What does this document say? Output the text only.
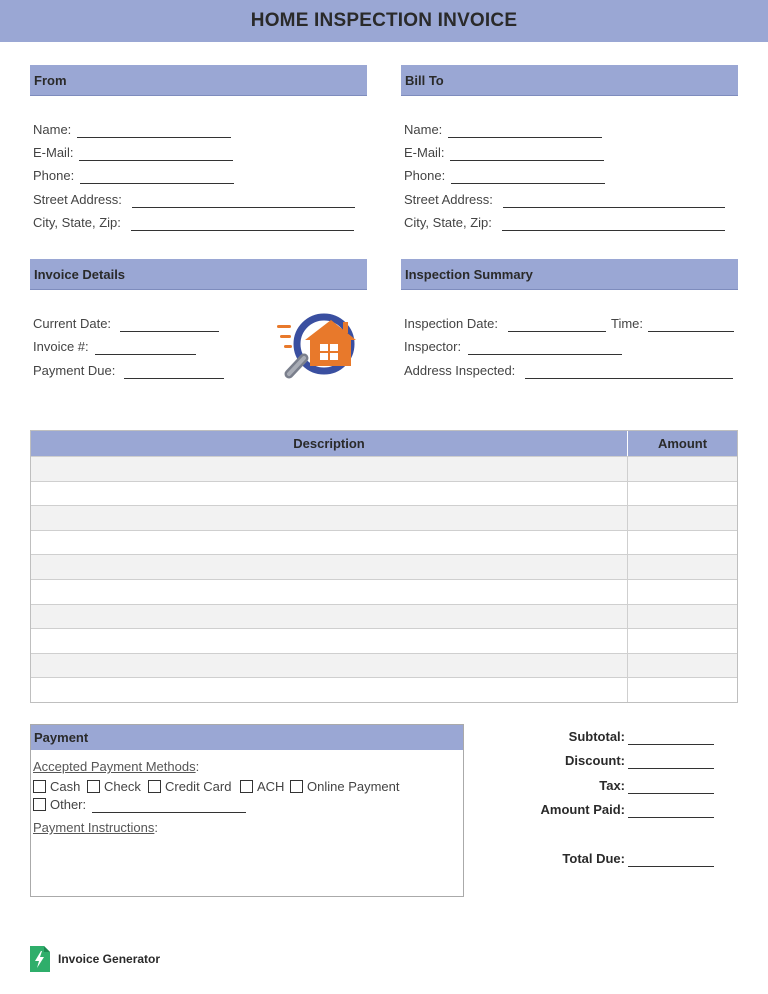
HOME INSPECTION INVOICE
From
Name:
E-Mail:
Phone:
Street Address:
City, State, Zip:
Bill To
Name:
E-Mail:
Phone:
Street Address:
City, State, Zip:
Invoice Details
Current Date:
Invoice #:
Payment Due:
Inspection Summary
Inspection Date:	Time:
Inspector:
Address Inspected:
Description	Amount
Payment
Accepted Payment Methods:
Cash Check Credit Card ACH Online Payment
Other:
Payment Instructions:
Subtotal:
Discount:
Tax:
Amount Paid:
Total Due:
Invoice Generator
